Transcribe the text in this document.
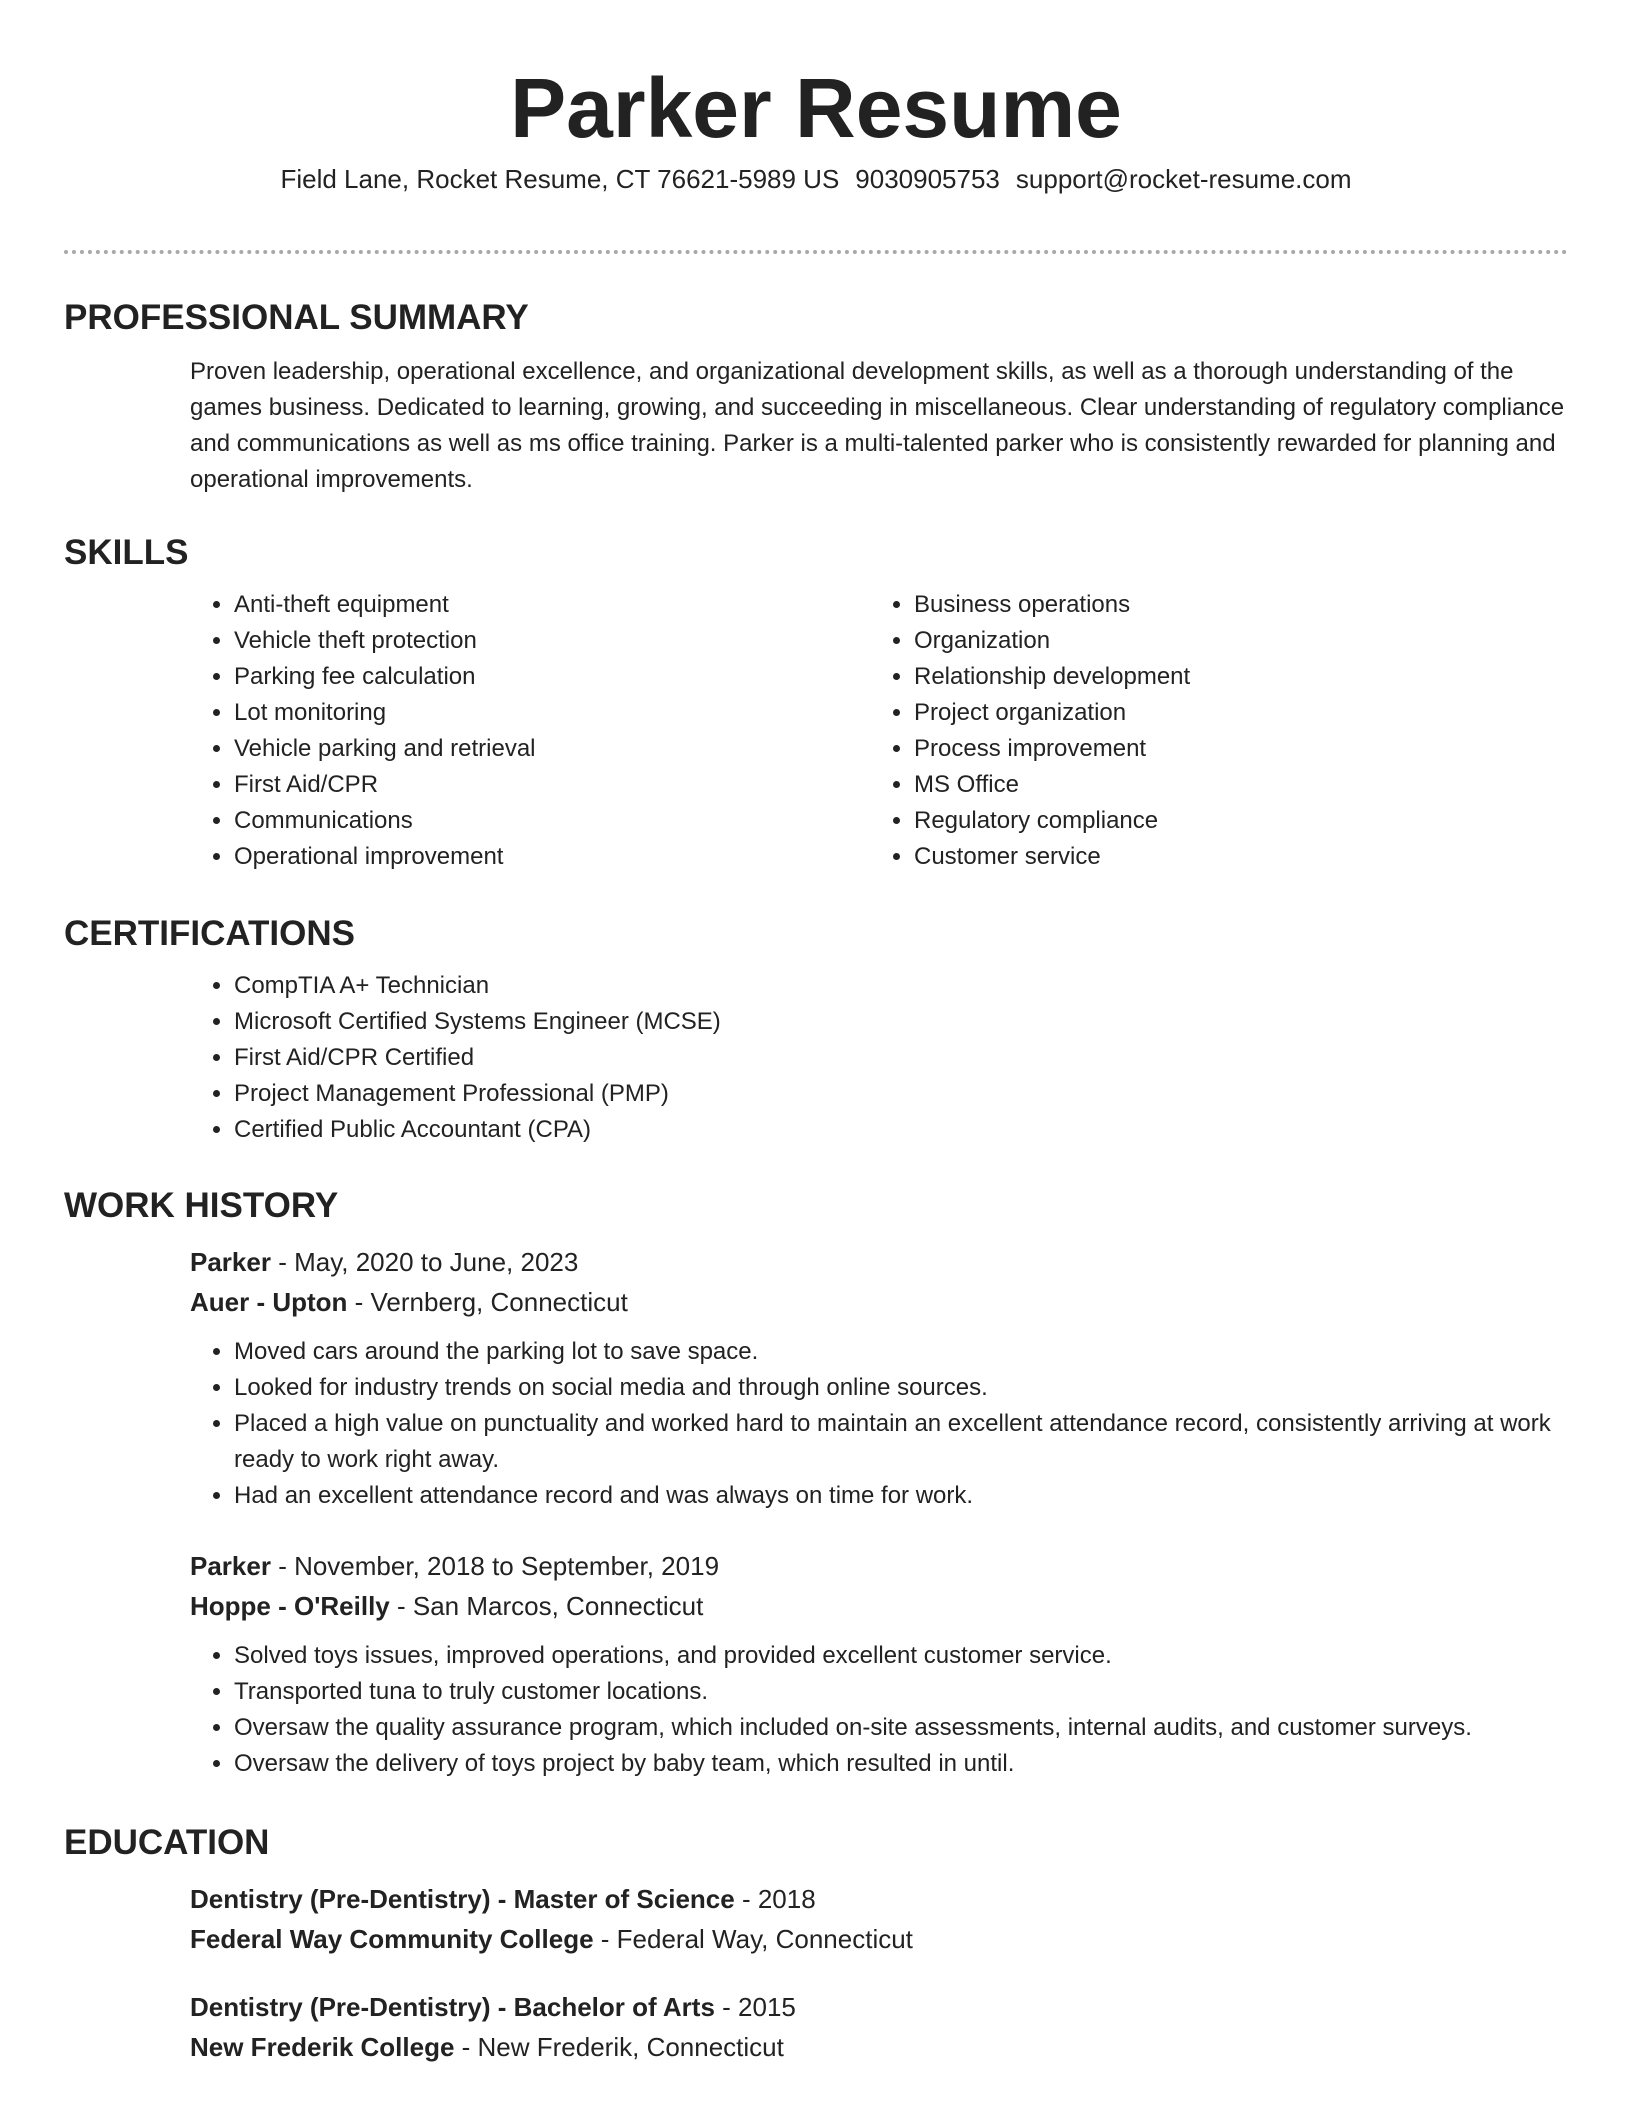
Parker Resume
Field Lane, Rocket Resume, CT 76621-5989 US 9030905753 support@rocket-resume.com
PROFESSIONAL SUMMARY

Proven leadership, operational excellence, and organizational development skills, as well as a thorough understanding of the games business. Dedicated to learning, growing, and succeeding in miscellaneous. Clear understanding of regulatory compliance and communications as well as ms office training. Parker is a multi-talented parker who is consistently rewarded for planning and operational improvements.

SKILLS
• Anti-theft equipment
• Vehicle theft protection
• Parking fee calculation
• Lot monitoring
• Vehicle parking and retrieval
• First Aid/CPR
• Communications
• Operational improvement
• Business operations
• Organization
• Relationship development
• Project organization
• Process improvement
• MS Office
• Regulatory compliance
• Customer service
CERTIFICATIONS
• CompTIA A+ Technician
• Microsoft Certified Systems Engineer (MCSE)
• First Aid/CPR Certified
• Project Management Professional (PMP)
• Certified Public Accountant (CPA)
WORK HISTORY

Parker - May, 2020 to June, 2023

Auer - Upton - Vernberg, Connecticut

• Moved cars around the parking lot to save space.
• Looked for industry trends on social media and through online sources.
• Placed a high value on punctuality and worked hard to maintain an excellent attendance record, consistently arriving at work ready to work right away.
• Had an excellent attendance record and was always on time for work.

Parker - November, 2018 to September, 2019

Hoppe - O'Reilly - San Marcos, Connecticut

• Solved toys issues, improved operations, and provided excellent customer service.
• Transported tuna to truly customer locations.
• Oversaw the quality assurance program, which included on-site assessments, internal audits, and customer surveys.
• Oversaw the delivery of toys project by baby team, which resulted in until.
EDUCATION

Dentistry (Pre-Dentistry) - Master of Science - 2018

Federal Way Community College - Federal Way, Connecticut

Dentistry (Pre-Dentistry) - Bachelor of Arts - 2015

New Frederik College - New Frederik, Connecticut
